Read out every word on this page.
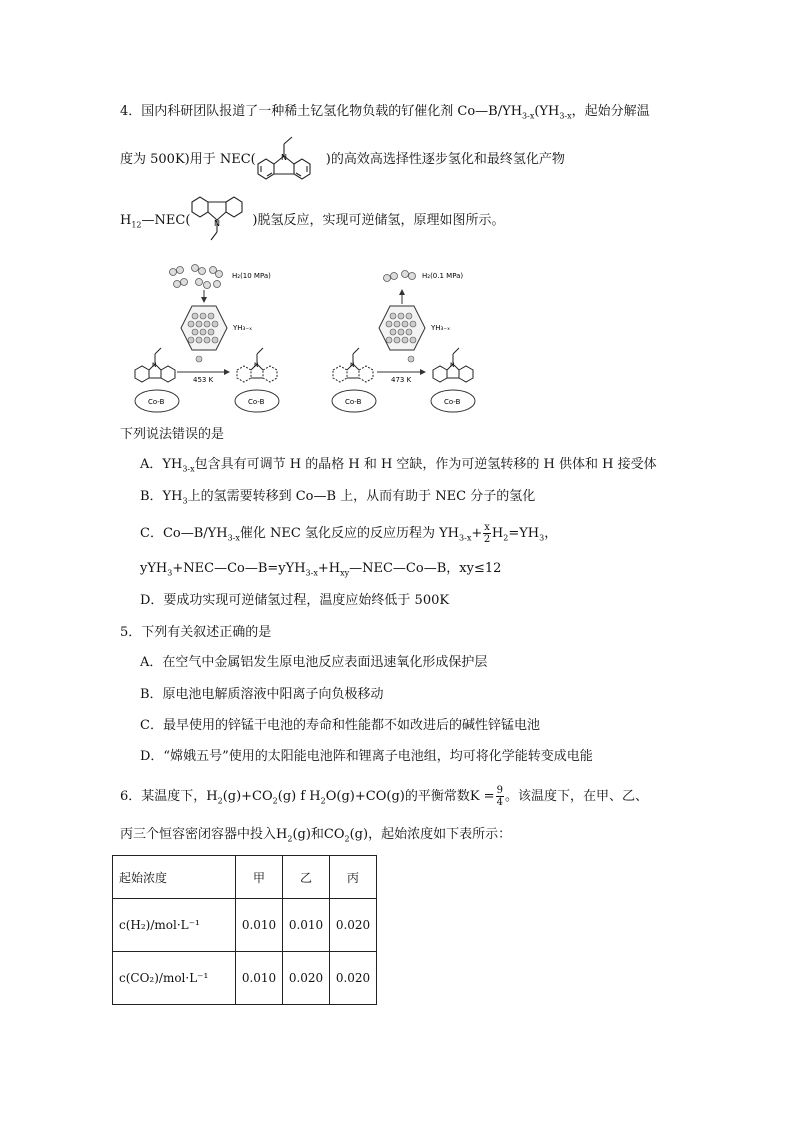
4．国内科研团队报道了一种稀土钇氢化物负载的钌催化剂 $Co—B/YH_{3-x}(YH_{3-x}$，起始分解温
度为 500K)用于 NEC(	)的高效高选择性逐步氢化和最终氢化产物
N
$H_{12}—NEC$(	)脱氢反应，实现可逆储氢，原理如图所示。
N
H₂(10 MPa)
YH₃₋ₓ
453 K
N	N
Co-B	Co-B
H₂(0.1 MPa)
YH₃₋ₓ
473 K
N	N
Co-B	Co-B
下列说法错误的是
A．$YH_{3-x}$包含具有可调节 H 的晶格 H 和 H 空缺，作为可逆氢转移的 H 供体和 H 接受体
B．$YH_3$上的氢需要转移到 Co—B 上，从而有助于 NEC 分子的氢化
C．$Co—B/YH_{3-x}$催化 NEC 氢化反应的反应历程为 $YH_{3-x}+ \frac{x}{2} H_2=YH_3$，
$yYH_3+NEC—Co—B=yYH_{3-x}+H_{xy}—NEC—Co—B$，xy≤12
D．要成功实现可逆储氢过程，温度应始终低于 500K
5．下列有关叙述正确的是
A．在空气中金属铝发生原电池反应表面迅速氧化形成保护层
B．原电池电解质溶液中阳离子向负极移动
C．最早使用的锌锰干电池的寿命和性能都不如改进后的碱性锌锰电池
D．“嫦娥五号”使用的太阳能电池阵和锂离子电池组，均可将化学能转变成电能
6．某温度下，$H_2(g)+CO_2(g)$ f $H_2O(g)+CO(g)$的平衡常数$K = \frac{9}{4}$ 。该温度下，在甲、乙、
丙三个恒容密闭容器中投入$H_2(g)$和$CO_2(g)$，起始浓度如下表所示：
起始浓度	甲	乙	丙
c(H₂)/mol·L⁻¹	0.010	0.010	0.020
c(CO₂)/mol·L⁻¹	0.010	0.020	0.020
